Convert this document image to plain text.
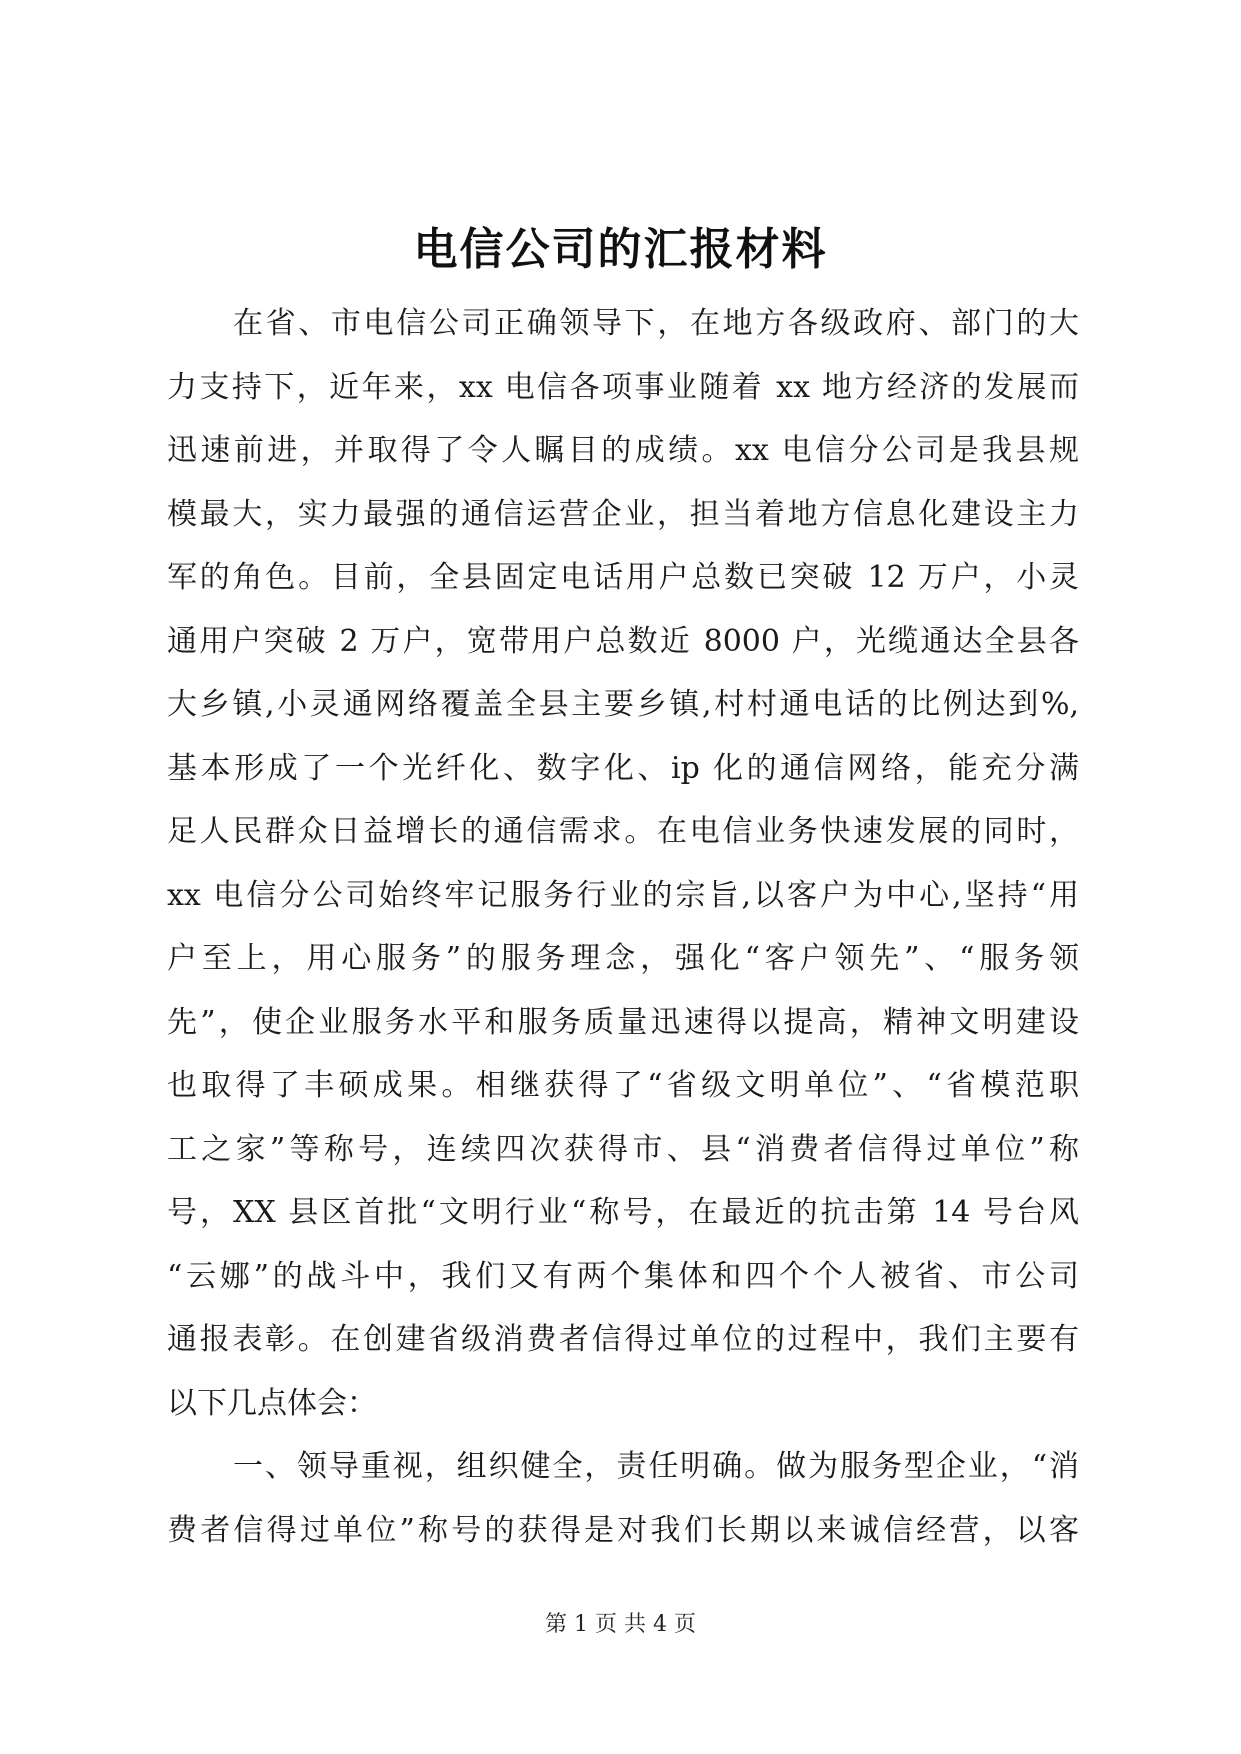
电信公司的汇报材料
在省、市电信公司正确领导下，在地方各级政府、部门的大
力支持下，近年来，xx 电信各项事业随着 xx 地方经济的发展而
迅速前进，并取得了令人瞩目的成绩。xx 电信分公司是我县规
模最大，实力最强的通信运营企业，担当着地方信息化建设主力
军的角色。目前，全县固定电话用户总数已突破 12 万户，小灵
通用户突破 2 万户，宽带用户总数近 8000 户，光缆通达全县各
大乡镇,小灵通网络覆盖全县主要乡镇,村村通电话的比例达到%,
基本形成了一个光纤化、数字化、ip 化的通信网络，能充分满
足人民群众日益增长的通信需求。在电信业务快速发展的同时，
xx 电信分公司始终牢记服务行业的宗旨,以客户为中心,坚持“用
户至上，用心服务”的服务理念，强化“客户领先”、“服务领
先”，使企业服务水平和服务质量迅速得以提高，精神文明建设
也取得了丰硕成果。相继获得了“省级文明单位”、“省模范职
工之家”等称号，连续四次获得市、县“消费者信得过单位”称
号，XX 县区首批“文明行业“称号，在最近的抗击第 14 号台风
“云娜”的战斗中，我们又有两个集体和四个个人被省、市公司
通报表彰。在创建省级消费者信得过单位的过程中，我们主要有
以下几点体会：
一、领导重视，组织健全，责任明确。做为服务型企业，“消
费者信得过单位”称号的获得是对我们长期以来诚信经营，以客
第 1 页 共 4 页
